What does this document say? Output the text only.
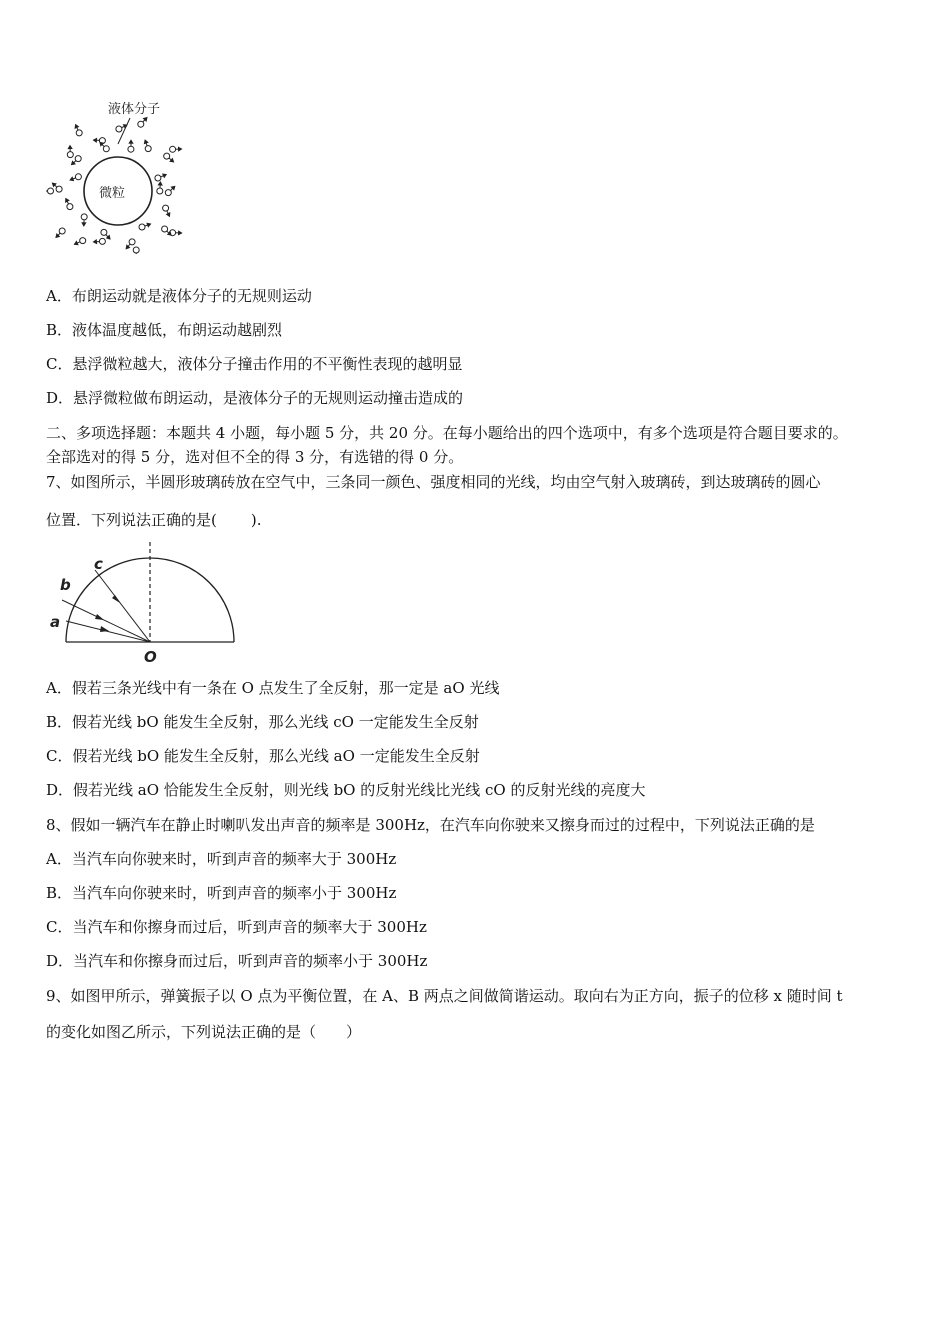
液体分子
微粒
A．布朗运动就是液体分子的无规则运动
B．液体温度越低，布朗运动越剧烈
C．悬浮微粒越大，液体分子撞击作用的不平衡性表现的越明显
D．悬浮微粒做布朗运动，是液体分子的无规则运动撞击造成的
二、多项选择题：本题共 4 小题，每小题 5 分，共 20 分。在每小题给出的四个选项中，有多个选项是符合题目要求的。
全部选对的得 5 分，选对但不全的得 3 分，有选错的得 0 分。
7、如图所示，半圆形玻璃砖放在空气中，三条同一颜色、强度相同的光线，均由空气射入玻璃砖，到达玻璃砖的圆心
位置．下列说法正确的是( ).
a
b
c
O
A．假若三条光线中有一条在 O 点发生了全反射，那一定是 aO 光线
B．假若光线 bO 能发生全反射，那么光线 cO 一定能发生全反射
C．假若光线 bO 能发生全反射，那么光线 aO 一定能发生全反射
D．假若光线 aO 恰能发生全反射，则光线 bO 的反射光线比光线 cO 的反射光线的亮度大
8、假如一辆汽车在静止时喇叭发出声音的频率是 300Hz，在汽车向你驶来又擦身而过的过程中，下列说法正确的是
A．当汽车向你驶来时，听到声音的频率大于 300Hz
B．当汽车向你驶来时，听到声音的频率小于 300Hz
C．当汽车和你擦身而过后，听到声音的频率大于 300Hz
D．当汽车和你擦身而过后，听到声音的频率小于 300Hz
9、如图甲所示，弹簧振子以 O 点为平衡位置，在 A、B 两点之间做简谐运动。取向右为正方向，振子的位移 x 随时间 t
的变化如图乙所示，下列说法正确的是（　　）
